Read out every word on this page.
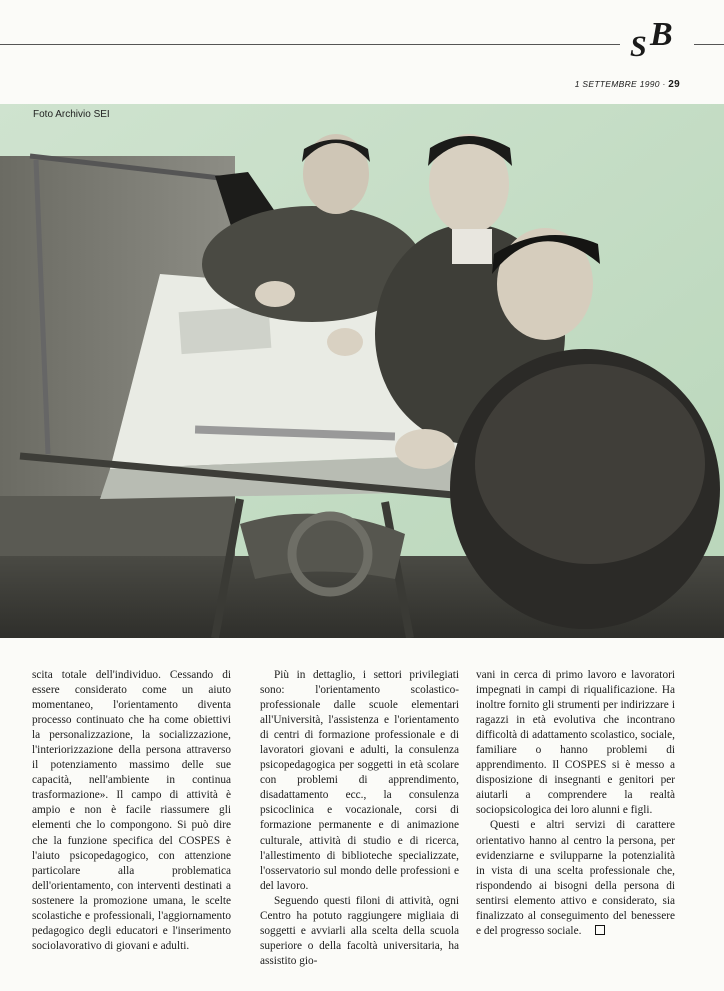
S B
1 SETTEMBRE 1990 · 29
Foto Archivio SEI

scita totale dell'individuo. Cessando di essere considerato come un aiuto momentaneo, l'orientamento diventa processo continuato che ha come obiettivi la personalizzazione, la socializzazione, l'interiorizzazione della persona attraverso il potenziamento massimo delle sue capacità, nell'ambiente in continua trasformazione». Il campo di attività è ampio e non è facile riassumere gli elementi che lo compongono. Si può dire che la funzione specifica del COSPES è l'aiuto psicopedagogico, con attenzione particolare alla problematica dell'orientamento, con interventi destinati a sostenere la promozione umana, le scelte scolastiche e professionali, l'aggiornamento pedagogico degli educatori e l'inserimento sociolavorativo di giovani e adulti.

Più in dettaglio, i settori privilegiati sono: l'orientamento scolastico-professionale dalle scuole elementari all'Università, l'assistenza e l'orientamento di centri di formazione professionale e di lavoratori giovani e adulti, la consulenza psicopedagogica per soggetti in età scolare con problemi di apprendimento, disadattamento ecc., la consulenza psicoclinica e vocazionale, corsi di formazione permanente e di animazione culturale, attività di studio e di ricerca, l'allestimento di biblioteche specializzate, l'osservatorio sul mondo delle professioni e del lavoro.

Seguendo questi filoni di attività, ogni Centro ha potuto raggiungere migliaia di soggetti e avviarli alla scelta della scuola superiore o della facoltà universitaria, ha assistito gio-

vani in cerca di primo lavoro e lavoratori impegnati in campi di riqualificazione. Ha inoltre fornito gli strumenti per indirizzare i ragazzi in età evolutiva che incontrano difficoltà di adattamento scolastico, sociale, familiare o hanno problemi di apprendimento. Il COSPES si è messo a disposizione di insegnanti e genitori per aiutarli a comprendere la realtà sociopsicologica dei loro alunni e figli.

Questi e altri servizi di carattere orientativo hanno al centro la persona, per evidenziarne e svilupparne la potenzialità in vista di una scelta professionale che, rispondendo ai bisogni della persona di sentirsi elemento attivo e considerato, sia finalizzato al conseguimento del benessere e del progresso sociale.
